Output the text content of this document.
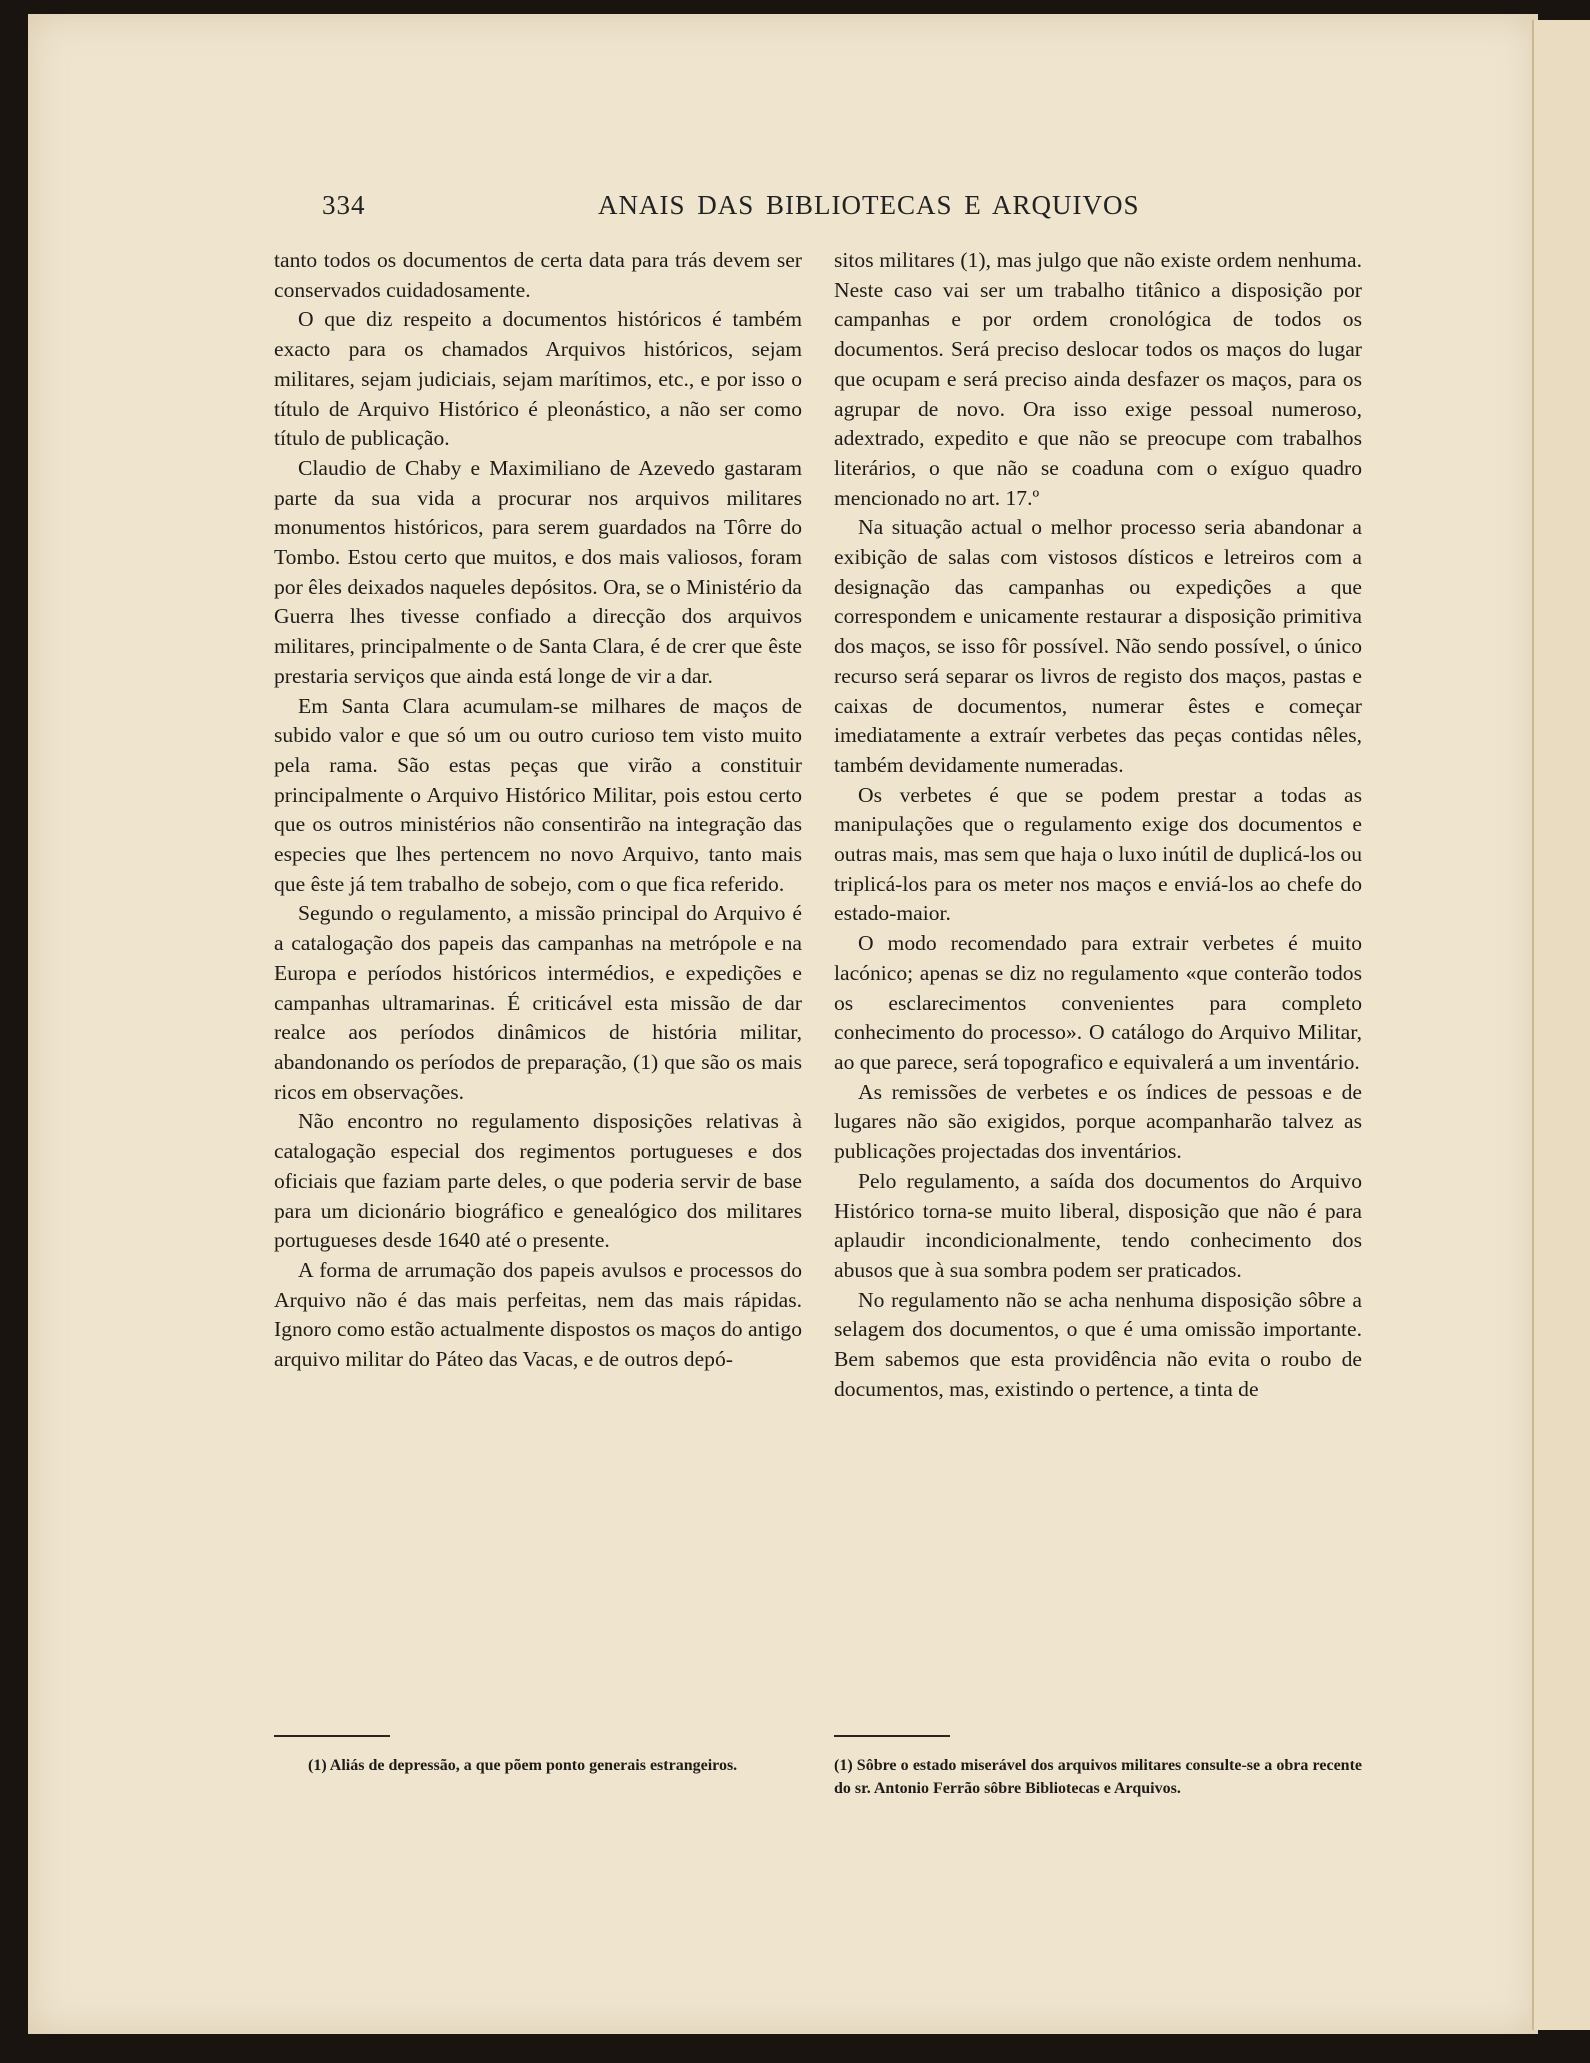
334	ANAIS DAS BIBLIOTECAS E ARQUIVOS

tanto todos os documentos de certa data para trás devem ser conservados cuidadosamente.

O que diz respeito a documentos históricos é também exacto para os chamados Arquivos históricos, sejam militares, sejam judiciais, sejam marítimos, etc., e por isso o título de Arquivo Histórico é pleonástico, a não ser como título de publicação.

Claudio de Chaby e Maximiliano de Azevedo gastaram parte da sua vida a procurar nos arquivos militares monumentos históricos, para serem guardados na Tôrre do Tombo. Estou certo que muitos, e dos mais valiosos, foram por êles deixados naqueles depósitos. Ora, se o Ministério da Guerra lhes tivesse confiado a direcção dos arquivos militares, principalmente o de Santa Clara, é de crer que êste prestaria serviços que ainda está longe de vir a dar.

Em Santa Clara acumulam-se milhares de maços de subido valor e que só um ou outro curioso tem visto muito pela rama. São estas peças que virão a constituir principalmente o Arquivo Histórico Militar, pois estou certo que os outros ministérios não consentirão na integração das especies que lhes pertencem no novo Arquivo, tanto mais que êste já tem trabalho de sobejo, com o que fica referido.

Segundo o regulamento, a missão principal do Arquivo é a catalogação dos papeis das campanhas na metrópole e na Europa e períodos históricos intermédios, e expedições e campanhas ultramarinas. É criticável esta missão de dar realce aos períodos dinâmicos de história militar, abandonando os períodos de preparação, (1) que são os mais ricos em observações.

Não encontro no regulamento disposições relativas à catalogação especial dos regimentos portugueses e dos oficiais que faziam parte deles, o que poderia servir de base para um dicionário biográfico e genealógico dos militares portugueses desde 1640 até o presente.

A forma de arrumação dos papeis avulsos e processos do Arquivo não é das mais perfeitas, nem das mais rápidas. Ignoro como estão actualmente dispostos os maços do antigo arquivo militar do Páteo das Vacas, e de outros depó-

sitos militares (1), mas julgo que não existe ordem nenhuma. Neste caso vai ser um trabalho titânico a disposição por campanhas e por ordem cronológica de todos os documentos. Será preciso deslocar todos os maços do lugar que ocupam e será preciso ainda desfazer os maços, para os agrupar de novo. Ora isso exige pessoal numeroso, adextrado, expedito e que não se preocupe com trabalhos literários, o que não se coaduna com o exíguo quadro mencionado no art. 17.º

Na situação actual o melhor processo seria abandonar a exibição de salas com vistosos dísticos e letreiros com a designação das campanhas ou expedições a que correspondem e unicamente restaurar a disposição primitiva dos maços, se isso fôr possível. Não sendo possível, o único recurso será separar os livros de registo dos maços, pastas e caixas de documentos, numerar êstes e começar imediatamente a extraír verbetes das peças contidas nêles, também devidamente numeradas.

Os verbetes é que se podem prestar a todas as manipulações que o regulamento exige dos documentos e outras mais, mas sem que haja o luxo inútil de duplicá-los ou triplicá-los para os meter nos maços e enviá-los ao chefe do estado-maior.

O modo recomendado para extrair verbetes é muito lacónico; apenas se diz no regulamento «que conterão todos os esclarecimentos convenientes para completo conhecimento do processo». O catálogo do Arquivo Militar, ao que parece, será topografico e equivalerá a um inventário.

As remissões de verbetes e os índices de pessoas e de lugares não são exigidos, porque acompanharão talvez as publicações projectadas dos inventários.

Pelo regulamento, a saída dos documentos do Arquivo Histórico torna-se muito liberal, disposição que não é para aplaudir incondicionalmente, tendo conhecimento dos abusos que à sua sombra podem ser praticados.

No regulamento não se acha nenhuma disposição sôbre a selagem dos documentos, o que é uma omissão importante. Bem sabemos que esta providência não evita o roubo de documentos, mas, existindo o pertence, a tinta de

(1) Aliás de depressão, a que põem ponto generais estrangeiros.	(1) Sôbre o estado miserável dos arquivos militares consulte-se a obra recente do sr. Antonio Ferrão sôbre Bibliotecas e Arquivos.
